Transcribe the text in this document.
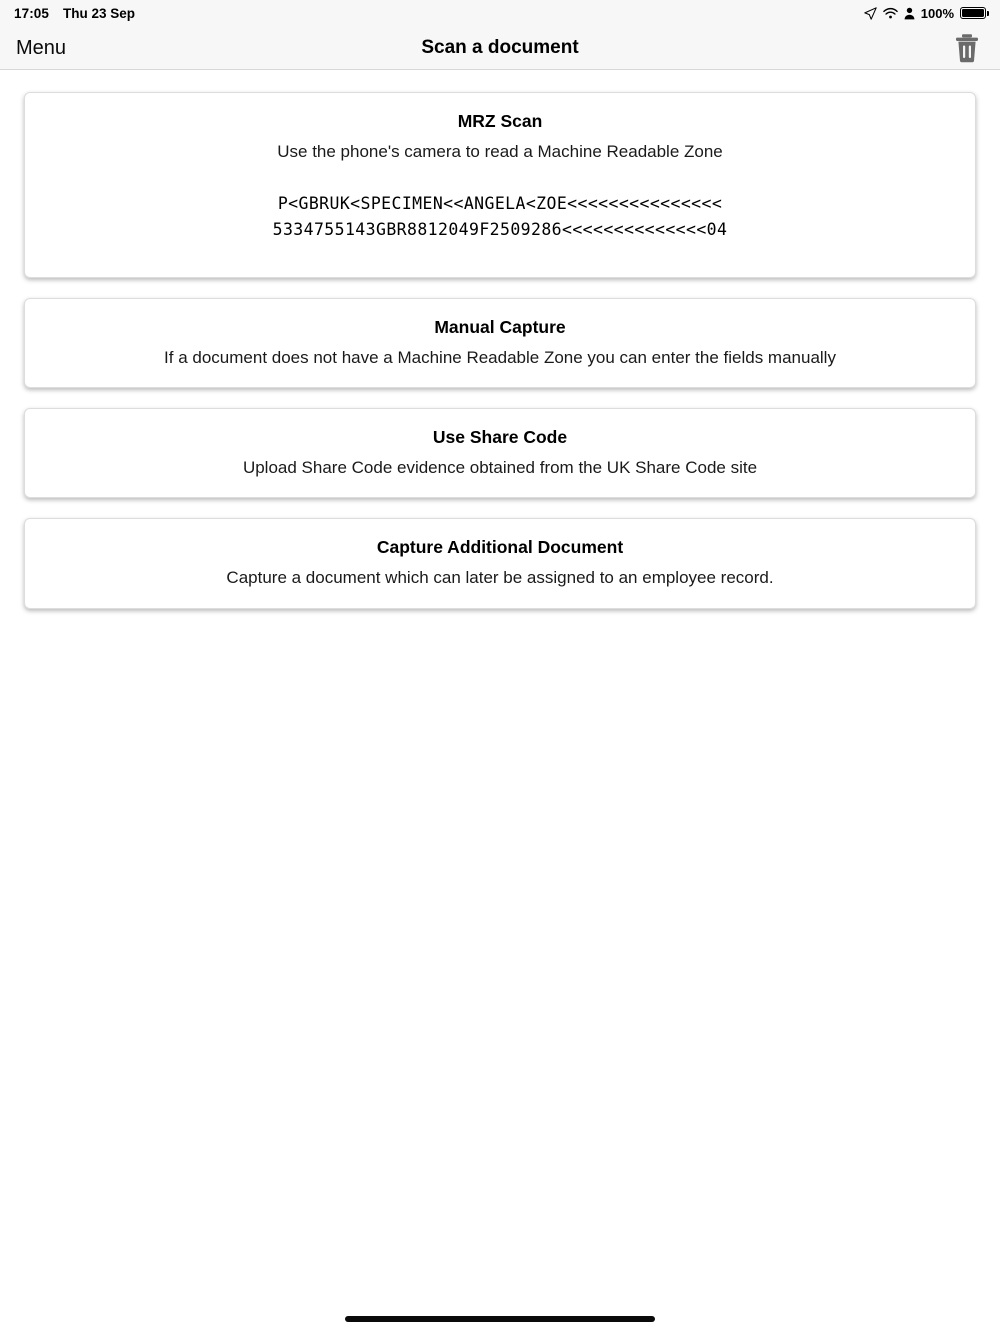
17:05 Thu 23 Sep	100%
Menu	Scan a document
MRZ Scan
Use the phone's camera to read a Machine Readable Zone
P<GBRUK<SPECIMEN<<ANGELA<ZOE<<<<<<<<<<<<<<<
5334755143GBR8812049F2509286<<<<<<<<<<<<<<04
Manual Capture
If a document does not have a Machine Readable Zone you can enter the fields manually
Use Share Code
Upload Share Code evidence obtained from the UK Share Code site
Capture Additional Document
Capture a document which can later be assigned to an employee record.
